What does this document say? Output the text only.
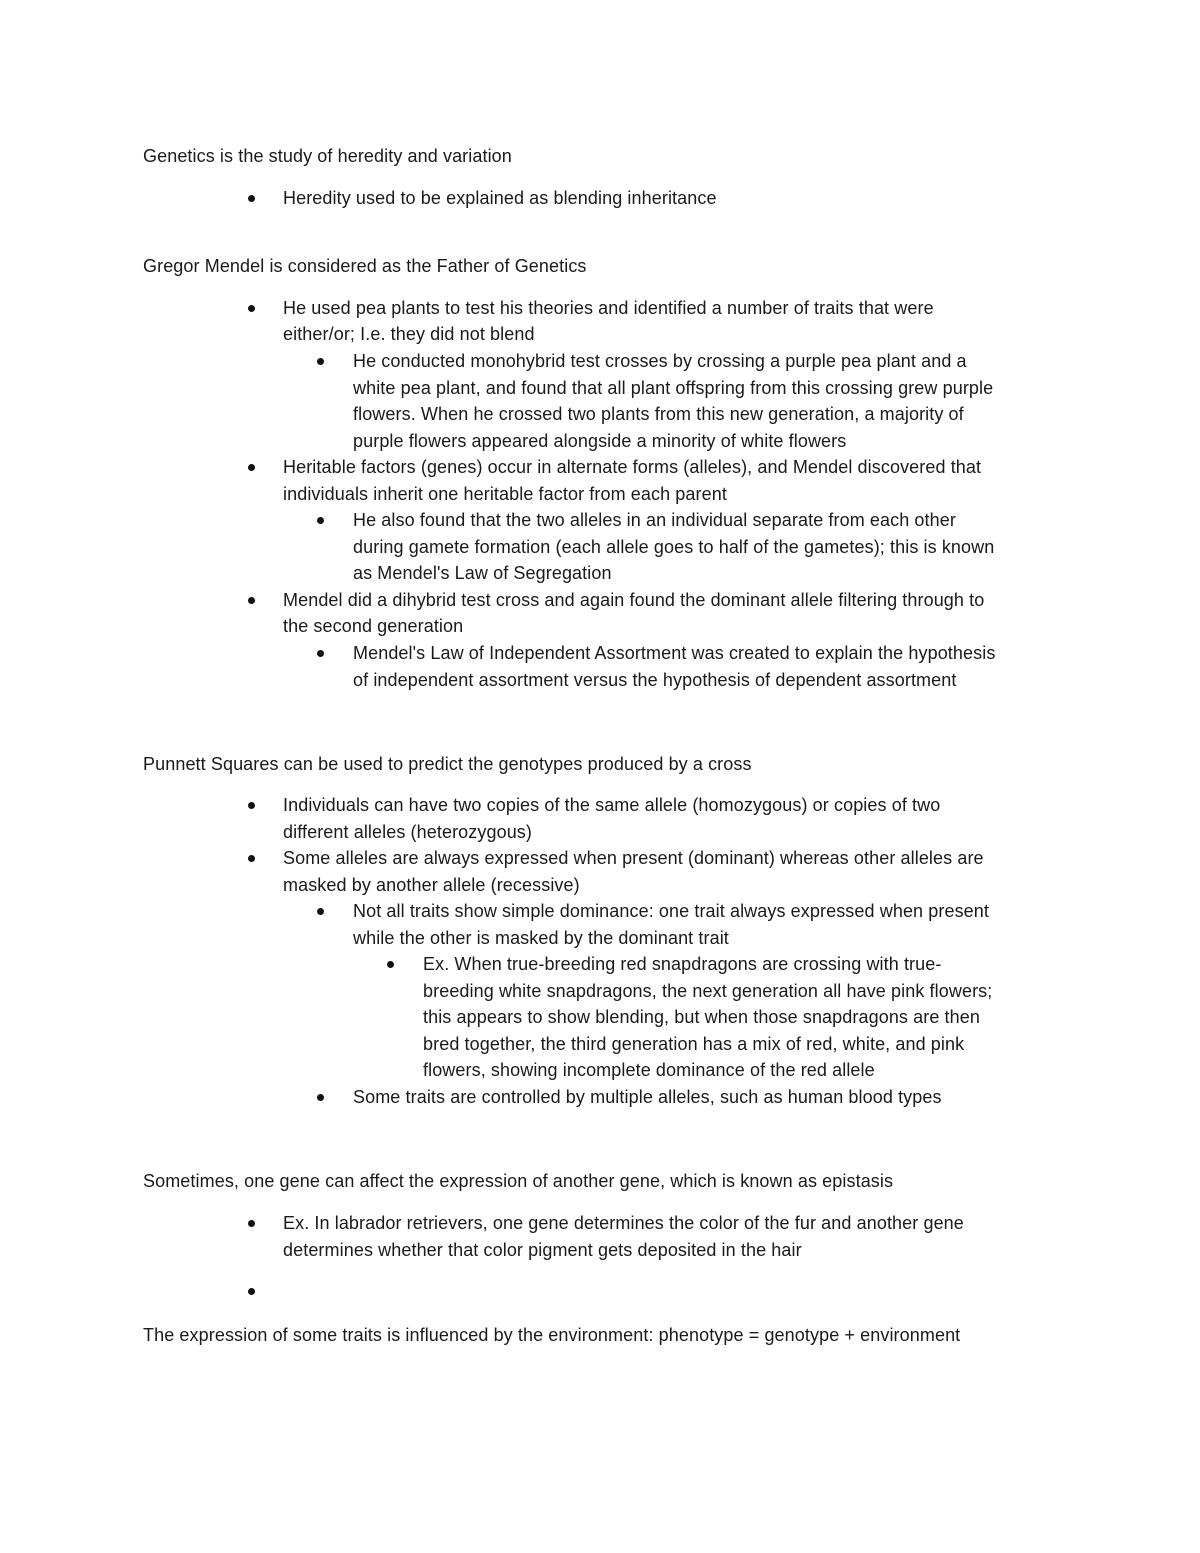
Genetics is the study of heredity and variation
Heredity used to be explained as blending inheritance
Gregor Mendel is considered as the Father of Genetics
He used pea plants to test his theories and identified a number of traits that were
either/or; I.e. they did not blend
He conducted monohybrid test crosses by crossing a purple pea plant and a
white pea plant, and found that all plant offspring from this crossing grew purple
flowers. When he crossed two plants from this new generation, a majority of
purple flowers appeared alongside a minority of white flowers
Heritable factors (genes) occur in alternate forms (alleles), and Mendel discovered that
individuals inherit one heritable factor from each parent
He also found that the two alleles in an individual separate from each other
during gamete formation (each allele goes to half of the gametes); this is known
as Mendel's Law of Segregation
Mendel did a dihybrid test cross and again found the dominant allele filtering through to
the second generation
Mendel's Law of Independent Assortment was created to explain the hypothesis
of independent assortment versus the hypothesis of dependent assortment
Punnett Squares can be used to predict the genotypes produced by a cross
Individuals can have two copies of the same allele (homozygous) or copies of two
different alleles (heterozygous)
Some alleles are always expressed when present (dominant) whereas other alleles are
masked by another allele (recessive)
Not all traits show simple dominance: one trait always expressed when present
while the other is masked by the dominant trait
Ex. When true-breeding red snapdragons are crossing with true-
breeding white snapdragons, the next generation all have pink flowers;
this appears to show blending, but when those snapdragons are then
bred together, the third generation has a mix of red, white, and pink
flowers, showing incomplete dominance of the red allele
Some traits are controlled by multiple alleles, such as human blood types
Sometimes, one gene can affect the expression of another gene, which is known as epistasis
Ex. In labrador retrievers, one gene determines the color of the fur and another gene
determines whether that color pigment gets deposited in the hair
The expression of some traits is influenced by the environment: phenotype = genotype + environment
